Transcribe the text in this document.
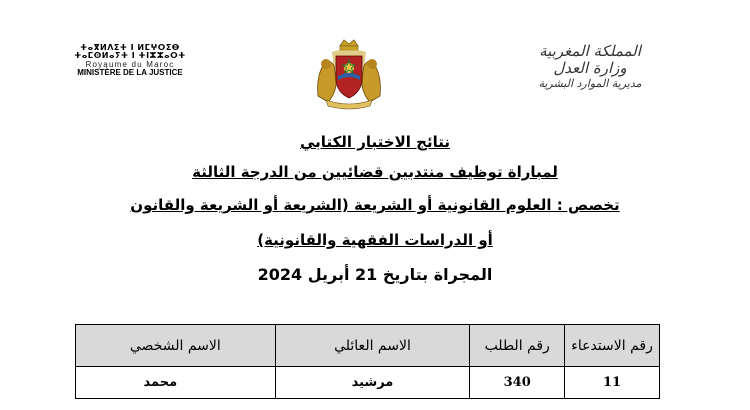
ⵜⴰⴳⵍⴷⵉⵜ ⵏ ⵍⵎⵖⵔⵉⴱ
ⵜⴰⵎⵙⵍⴰⵢⵜ ⵏ ⵜⵏⵣⵣⴰⵔⵜ
Royaume du Maroc
MINISTÈRE DE LA JUSTICE
المملكة المغربية
وزارة العدل
مديرية الموارد البشرية
نتائج الاختبار الكتابي
لمباراة توظيف منتدبين قضائيين من الدرجة الثالثة
تخصص : العلوم القانونية أو الشريعة (الشريعة أو الشريعة والقانون
أو الدراسات الفقهية والقانونية)
المجراة بتاريخ 21 أبريل 2024
رقم الاستدعاء	رقم الطلب	الاسم العائلي	الاسم الشخصي
11	340	مرشيد	محمد
